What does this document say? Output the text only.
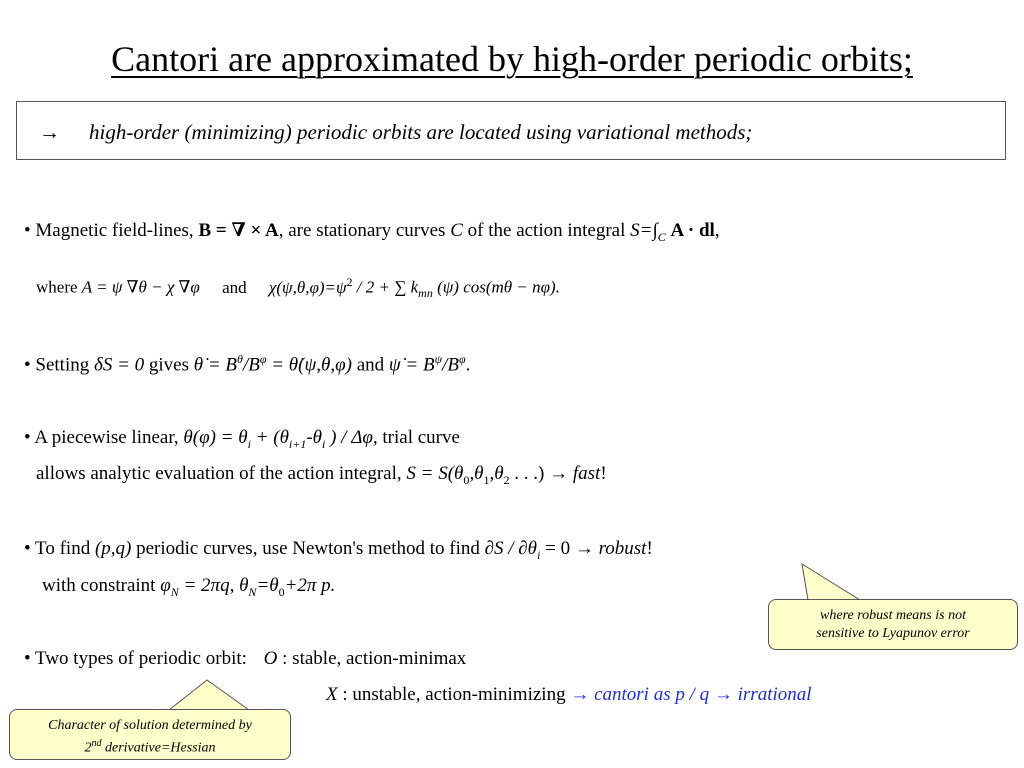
Cantori are approximated by high-order periodic orbits;
→ high-order (minimizing) periodic orbits are located using variational methods;
• Magnetic field-lines, B = ∇ × A, are stationary curves C of the action integral $S=\int_C$ A · dl,
where A = ψ ∇θ − χ ∇φ and $\chi(\psi,\theta,\varphi)=\psi^2 / 2$ + ∑ $k_{mn}$ (ψ) cos(mθ − nφ).
• Setting δS = 0 gives θ̇ = $B^\theta/B^\varphi$ = θ̇(ψ,θ,φ) and ψ̇ = $B^\psi/B^\varphi$.
• A piecewise linear, $\theta(\varphi) = \theta_i + (\theta_{i+1}-\theta_i$ ) / Δφ, trial curve
allows analytic evaluation of the action integral, $S = S(\theta_0,\theta_1,\theta_2$ . . .) → fast!
• To find (p,q) periodic curves, use Newton's method to find $\partial S / \partial\theta_i = 0$ → robust!
with constraint $\varphi_N = 2\pi q$, $\theta_N=\theta_0+2\pi$ p.
• Two types of periodic orbit: O : stable, action-minimax
X : unstable, action-minimizing → cantori as p / q → irrational
where robust means is not
sensitive to Lyapunov error
Character of solution determined by
2nd derivative=Hessian
